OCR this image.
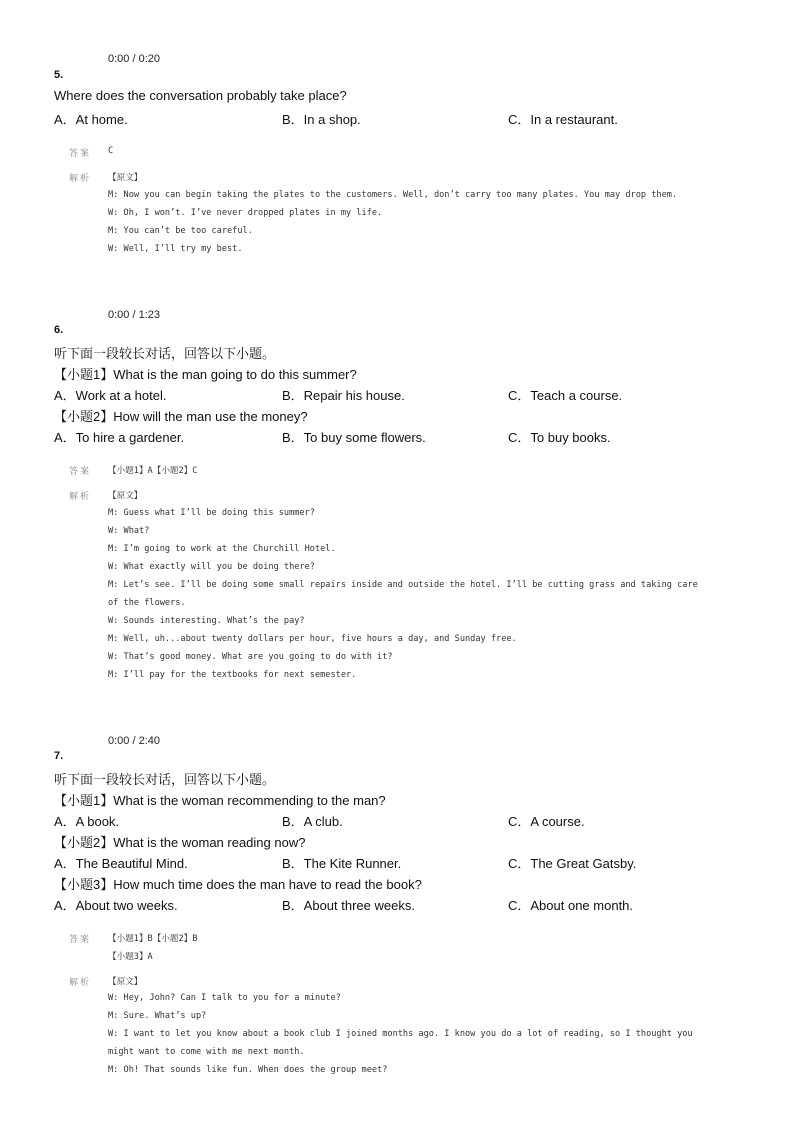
0:00 / 0:20
5.
Where does the conversation probably take place?
A．At home.	B．In a shop.	C．In a restaurant.
答案 C
解析 【原文】
M: Now you can begin taking the plates to the customers. Well, don’t carry too many plates. You may drop them.
W: Oh, I won’t. I’ve never dropped plates in my life.
M: You can’t be too careful.
W: Well, I’ll try my best.
0:00 / 1:23
6.
听下面一段较长对话，回答以下小题。
【小题1】What is the man going to do this summer?
A．Work at a hotel.	B．Repair his house.	C．Teach a course.
【小题2】How will the man use the money?
A．To hire a gardener.	B．To buy some flowers.	C．To buy books.
答案 【小题1】A【小题2】C
解析 【原文】
M: Guess what I’ll be doing this summer?
W: What?
M: I’m going to work at the Churchill Hotel.
W: What exactly will you be doing there?
M: Let’s see. I’ll be doing some small repairs inside and outside the hotel. I’ll be cutting grass and taking care
of the flowers.
W: Sounds interesting. What’s the pay?
M: Well, uh...about twenty dollars per hour, five hours a day, and Sunday free.
W: That’s good money. What are you going to do with it?
M: I’ll pay for the textbooks for next semester.
0:00 / 2:40
7.
听下面一段较长对话，回答以下小题。
【小题1】What is the woman recommending to the man?
A．A book.	B．A club.	C．A course.
【小题2】What is the woman reading now?
A．The Beautiful Mind.	B．The Kite Runner.	C．The Great Gatsby.
【小题3】How much time does the man have to read the book?
A．About two weeks.	B．About three weeks.	C．About one month.
答案 【小题1】B【小题2】B
【小题3】A
解析 【原文】
W: Hey, John? Can I talk to you for a minute?
M: Sure. What’s up?
W: I want to let you know about a book club I joined months ago. I know you do a lot of reading, so I thought you
might want to come with me next month.
M: Oh! That sounds like fun. When does the group meet?
